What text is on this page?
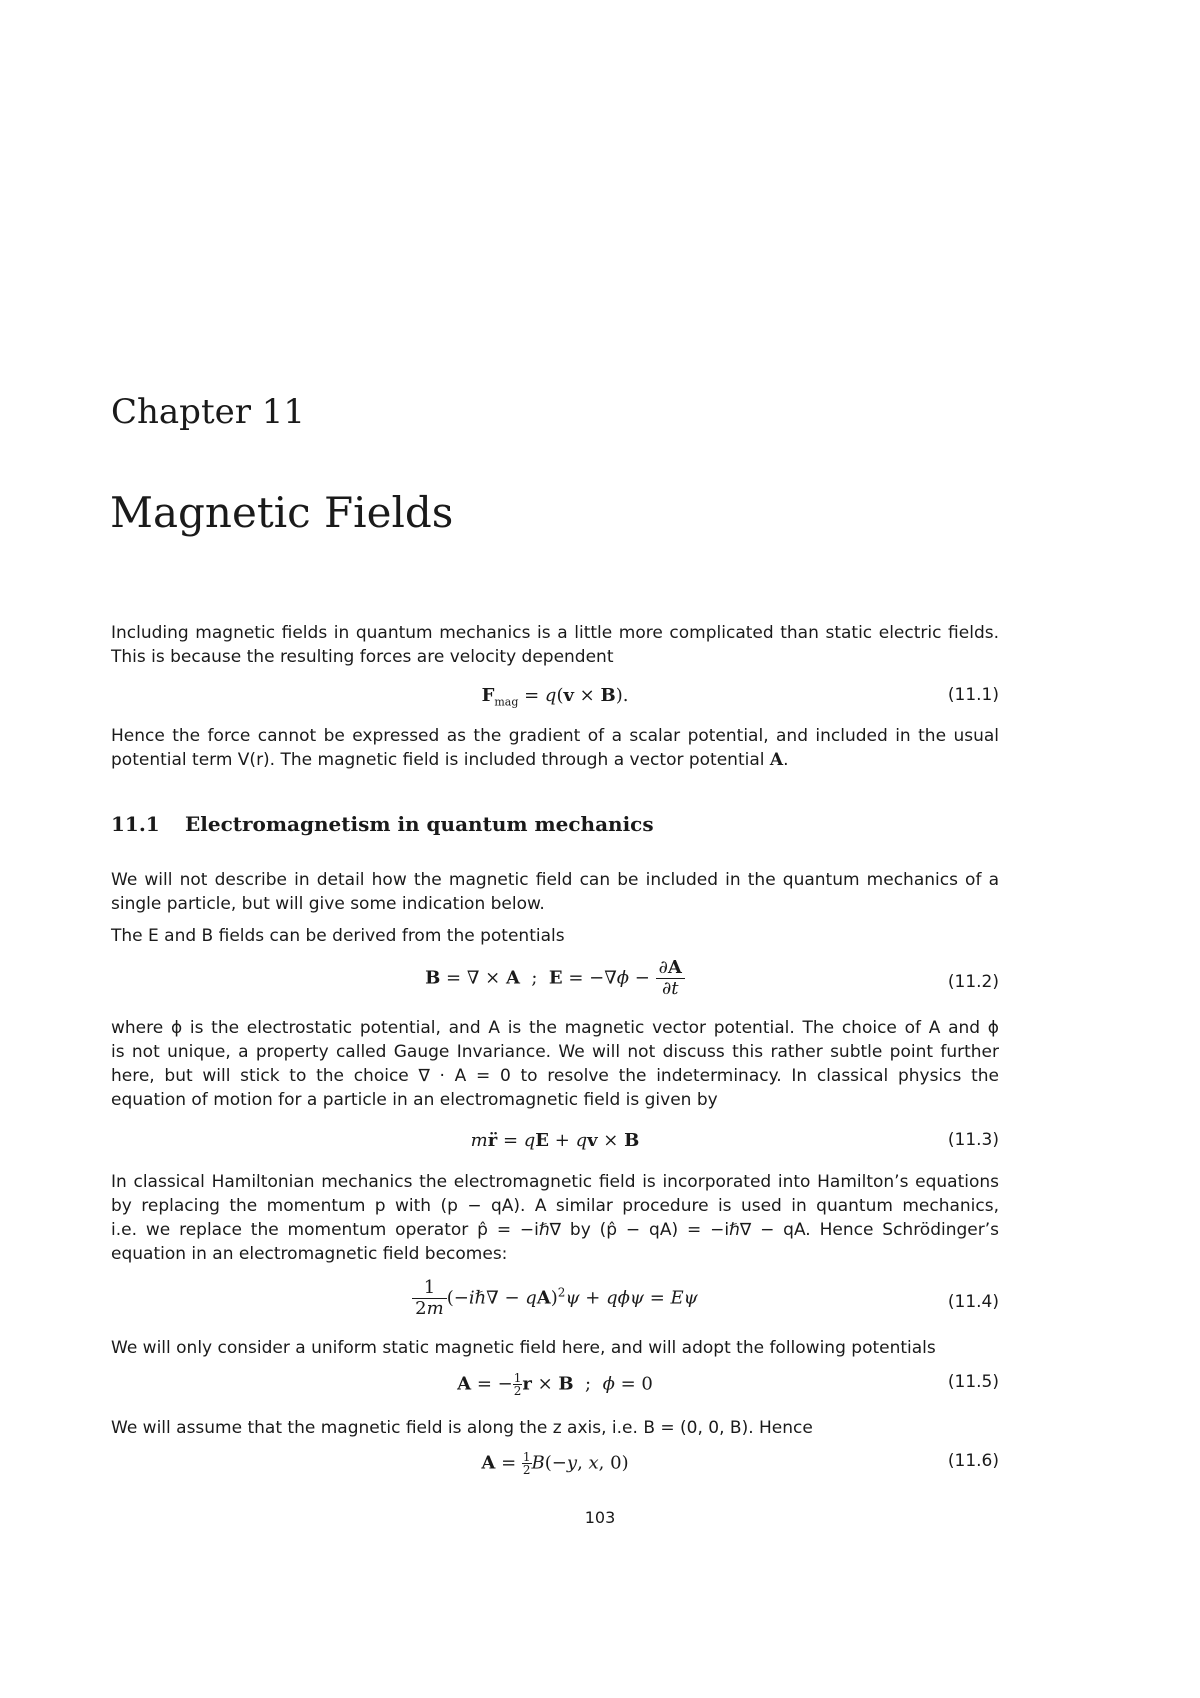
Chapter 11
Magnetic Fields
Including magnetic fields in quantum mechanics is a little more complicated than static electric fields.
This is because the resulting forces are velocity dependent
$F_{mag} = q(v \times B)$.	(11.1)
Hence the force cannot be expressed as the gradient of a scalar potential, and included in the usual
potential term V(r). The magnetic field is included through a vector potential A.
11.1 Electromagnetism in quantum mechanics
We will not describe in detail how the magnetic field can be included in the quantum mechanics of a
single particle, but will give some indication below.
The E and B fields can be derived from the potentials
B = ∇ × A  ;  $E = -\nabla\phi - \frac{\partial A}{\partial t}$	(11.2)
where ϕ is the electrostatic potential, and A is the magnetic vector potential. The choice of A and ϕ
is not unique, a property called Gauge Invariance. We will not discuss this rather subtle point further
here, but will stick to the choice ∇ · A = 0 to resolve the indeterminacy. In classical physics the
equation of motion for a particle in an electromagnetic field is given by
mr̈ = qE + qv × B	(11.3)
In classical Hamiltonian mechanics the electromagnetic field is incorporated into Hamilton’s equations
by replacing the momentum p with (p − qA). A similar procedure is used in quantum mechanics,
i.e. we replace the momentum operator p̂ = −iℏ∇ by (p̂ − qA) = −iℏ∇ − qA. Hence Schrödinger’s
equation in an electromagnetic field becomes:
$\frac{1}{2m}$ (−iℏ∇ − qA)$^2$ψ + qϕψ = Eψ	(11.4)
We will only consider a uniform static magnetic field here, and will adopt the following potentials
A = − $\frac{1}{2}$ r × B  ;  ϕ = 0	(11.5)
We will assume that the magnetic field is along the z axis, i.e. B = (0, 0, B). Hence
$A = \frac{1}{2} B(-y$, x, 0)	(11.6)
103
